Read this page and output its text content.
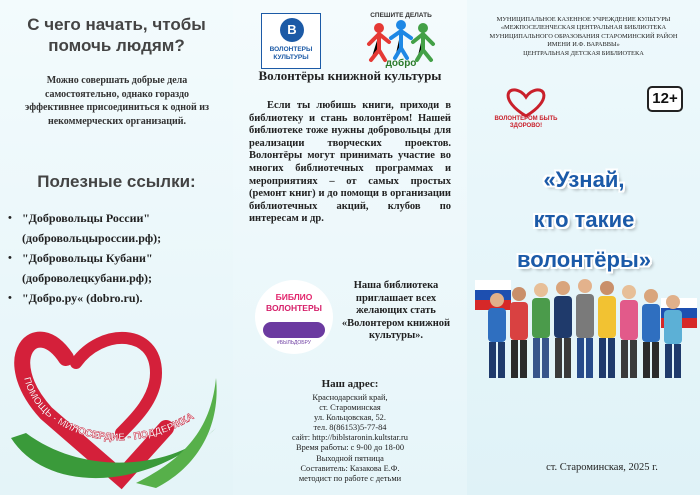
С чего начать, чтобы помочь людям?

Можно совершать добрые дела самостоятельно, однако гораздо эффективнее присоединиться к одной из некоммерческих организаций.

Полезные ссылки:
• "Добровольцы России"
(добровольцыроссии.рф);
• "Добровольцы Кубани"
(доброволецкубани.рф);
• "Добро.ру« (dobro.ru).
ПОМОЩЬ - МИЛОСЕРДИЕ - ПОДДЕРЖКА
В
ВОЛОНТЕРЫ КУЛЬТУРЫ
СПЕШИТЕ ДЕЛАТЬ
добро
Волонтёры книжной культуры

Если ты любишь книги, приходи в библиотеку и стань волонтёром! Нашей библиотеке тоже нужны добровольцы для реализации творческих проектов. Волонтёры могут принимать участие во многих библиотечных программах и мероприятиях – от самых простых (ремонт книг) и до помощи в организации библиотечных акций, клубов по интересам и др.

БИБЛИО
ВОЛОНТЕРЫ
#БЫЛЬДОБРУ

Наша библиотека приглашает всех желающих стать «Волонтером книжной культуры».

Наш адрес:
Краснодарский край,
ст. Староминская
ул. Кольцовская, 52.
тел. 8(86153)5-77-84
сайт: http://biblstaronin.kultstar.ru
Время работы: с 9-00 до 18-00
Выходной пятница
Составитель: Казакова Е.Ф.
методист по работе с детьми
МУНИЦИПАЛЬНОЕ КАЗЕННОЕ УЧРЕЖДЕНИЕ КУЛЬТУРЫ
«МЕЖПОСЕЛЕНЧЕСКАЯ ЦЕНТРАЛЬНАЯ БИБЛИОТЕКА
МУНИЦИПАЛЬНОГО ОБРАЗОВАНИЯ СТАРОМИНСКИЙ РАЙОН
ИМЕНИ И.Ф. ВАРАВВЫ»
ЦЕНТРАЛЬНАЯ ДЕТСКАЯ БИБЛИОТЕКА
ВОЛОНТЕРОМ БЫТЬ ЗДОРОВО!
12+
«Узнай,
кто такие
волонтёры»
ст. Староминская, 2025 г.
